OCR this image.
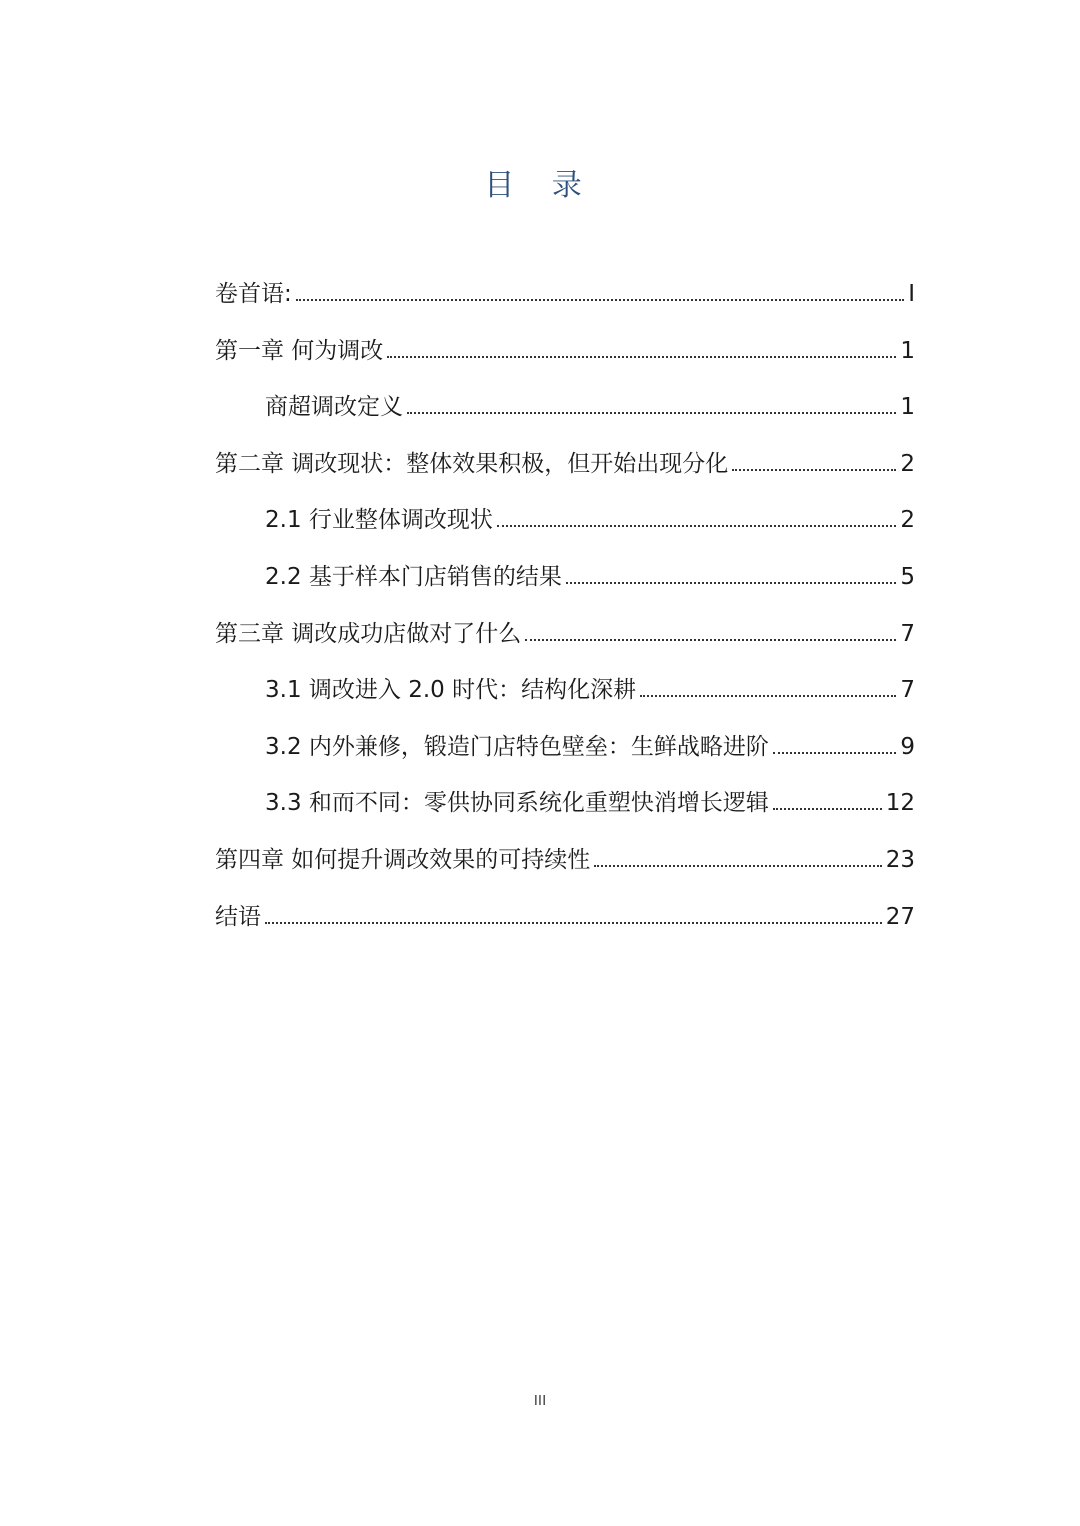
目 录
卷首语:	I
第一章 何为调改	1
商超调改定义	1
第二章 调改现状：整体效果积极，但开始出现分化	2
2.1 行业整体调改现状	2
2.2 基于样本门店销售的结果	5
第三章 调改成功店做对了什么	7
3.1 调改进入 2.0 时代：结构化深耕	7
3.2 内外兼修，锻造门店特色壁垒：生鲜战略进阶	9
3.3 和而不同：零供协同系统化重塑快消增长逻辑	12
第四章 如何提升调改效果的可持续性	23
结语	27
III
